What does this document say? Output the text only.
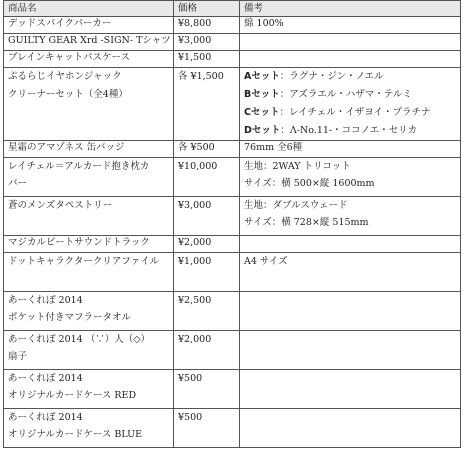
商品名	価格	備考

デッドスパイクパーカー	¥8,800	綿 100%

GUILTY GEAR Xrd -SIGN- Tシャツ	¥3,000	

ブレインキャットパスケース	¥1,500	

ぷるらじイヤホンジャック
クリーナーセット（全4種）	各 ¥1,500	Aセット：ラグナ・ジン・ノエル
Bセット：アズラエル・ハザマ・テルミ
Cセット：レイチェル・イザヨイ・プラチナ
Dセット：Λ-No.11-・ココノエ・セリカ

星霜のアマゾネス 缶バッジ	各 ¥500	76mm 全6種

レイチェル＝アルカード抱き枕カ
バー	¥10,000	生地：2WAY トリコット
サイズ：横 500×縦 1600mm

蒼のメンズタペストリー	¥3,000	生地：ダブルスウェード
サイズ：横 728×縦 515mm

マジカルビートサウンドトラック	¥2,000	

ドットキャラクタークリアファイル	¥1,000	A4 サイズ

あーくれぽ 2014
ポケット付きマフラータオル	¥2,500	

あーくれぽ 2014 （∵）人（◇）
扇子	¥2,000	

あーくれぽ 2014
オリジナルカードケース RED	¥500	

あーくれぽ 2014
オリジナルカードケース BLUE	¥500	
